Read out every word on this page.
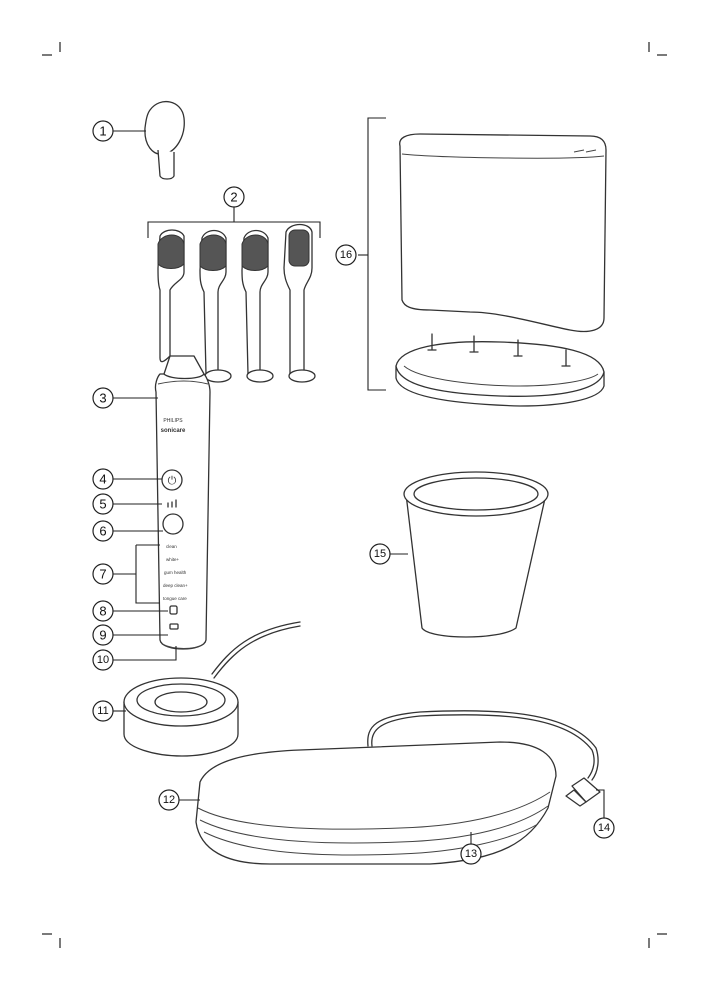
⏻
PHILIPS
sonicare
clean
white+
gum health
deep clean+
tongue care
1
2
3
4
5
6
7
8
9
10
11
12
13
14
15
16
